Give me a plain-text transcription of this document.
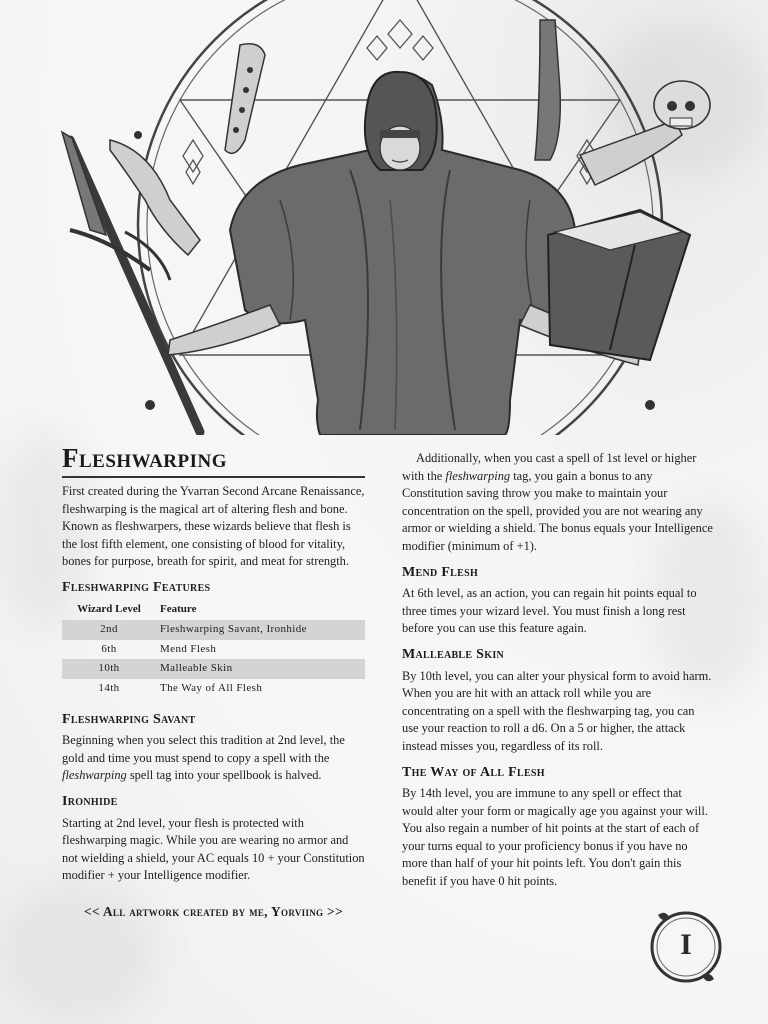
Fleshwarping

First created during the Yvarran Second Arcane Renaissance, fleshwarping is the magical art of altering flesh and bone. Known as fleshwarpers, these wizards believe that flesh is the lost fifth element, one consisting of blood for vitality, bones for purpose, breath for spirit, and meat for strength.

Fleshwarping Features
Wizard Level	Feature
2nd	Fleshwarping Savant, Ironhide
6th	Mend Flesh
10th	Malleable Skin
14th	The Way of All Flesh
Fleshwarping Savant

Beginning when you select this tradition at 2nd level, the gold and time you must spend to copy a spell with the fleshwarping spell tag into your spellbook is halved.

Ironhide

Starting at 2nd level, your flesh is protected with fleshwarping magic. While you are wearing no armor and not wielding a shield, your AC equals 10 + your Constitution modifier + your Intelligence modifier.

<< All artwork created by me, Yorviing >>

Additionally, when you cast a spell of 1st level or higher with the fleshwarping tag, you gain a bonus to any Constitution saving throw you make to maintain your concentration on the spell, provided you are not wearing any armor or wielding a shield. The bonus equals your Intelligence modifier (minimum of +1).

Mend Flesh

At 6th level, as an action, you can regain hit points equal to three times your wizard level. You must finish a long rest before you can use this feature again.

Malleable Skin

By 10th level, you can alter your physical form to avoid harm. When you are hit with an attack roll while you are concentrating on a spell with the fleshwarping tag, you can use your reaction to roll a d6. On a 5 or higher, the attack instead misses you, regardless of its roll.

The Way of All Flesh

By 14th level, you are immune to any spell or effect that would alter your form or magically age you against your will. You also regain a number of hit points at the start of each of your turns equal to your proficiency bonus if you have no more than half of your hit points left. You don't gain this benefit if you have 0 hit points.

I
